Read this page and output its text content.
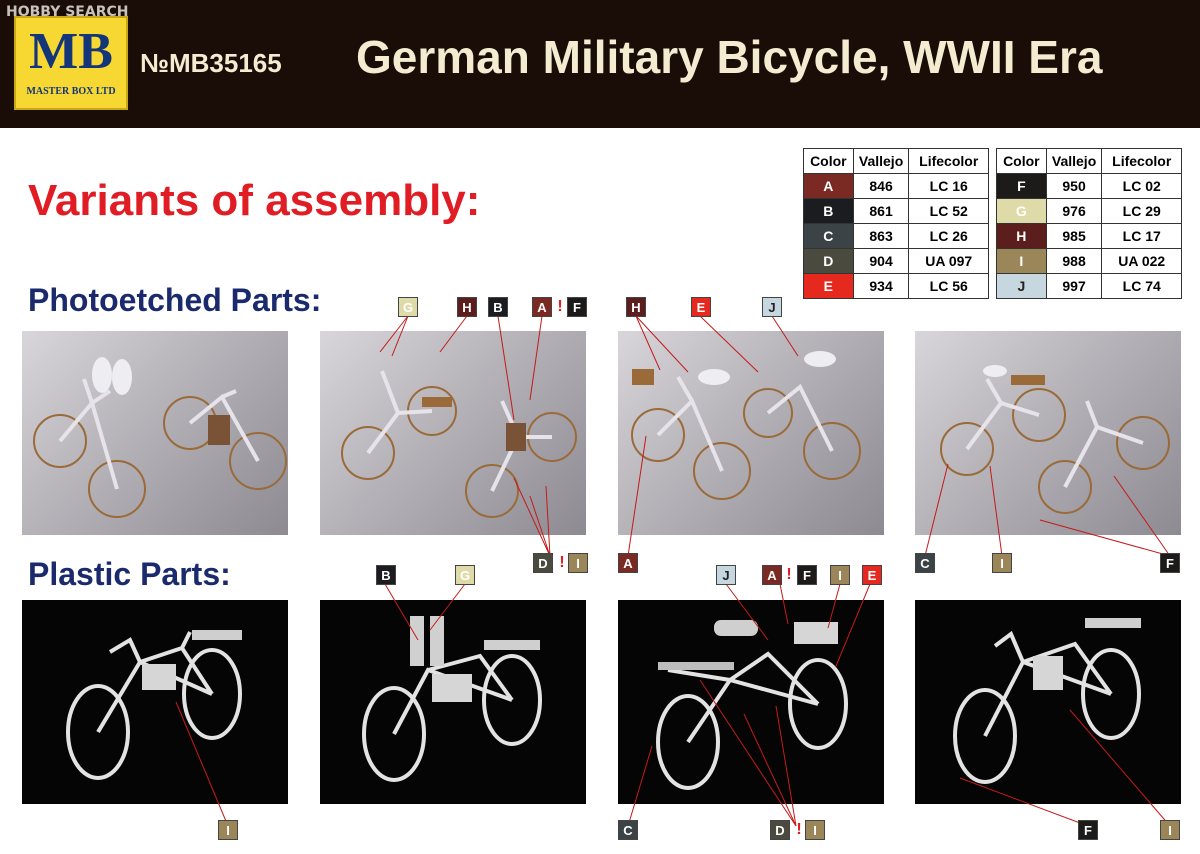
MB
MASTER BOX LTD
№MB35165 German Military Bicycle, WWII Era
HOBBY SEARCH
Variants of assembly:
Photoetched Parts:
Plastic Parts:
Color	Vallejo	Lifecolor
A	846	LC 16
B	861	LC 52
C	863	LC 26
D	904	UA 097
E	934	LC 56
Color	Vallejo	Lifecolor
F	950	LC 02
G	976	LC 29
H	985	LC 17
I	988	UA 022
J	997	LC 74
G	H	B	A	F
D	I
H	E	J
A	C	I	F
B	G	J	A	F	I	E
I	C	D	I	F	I
!
!
!
!
